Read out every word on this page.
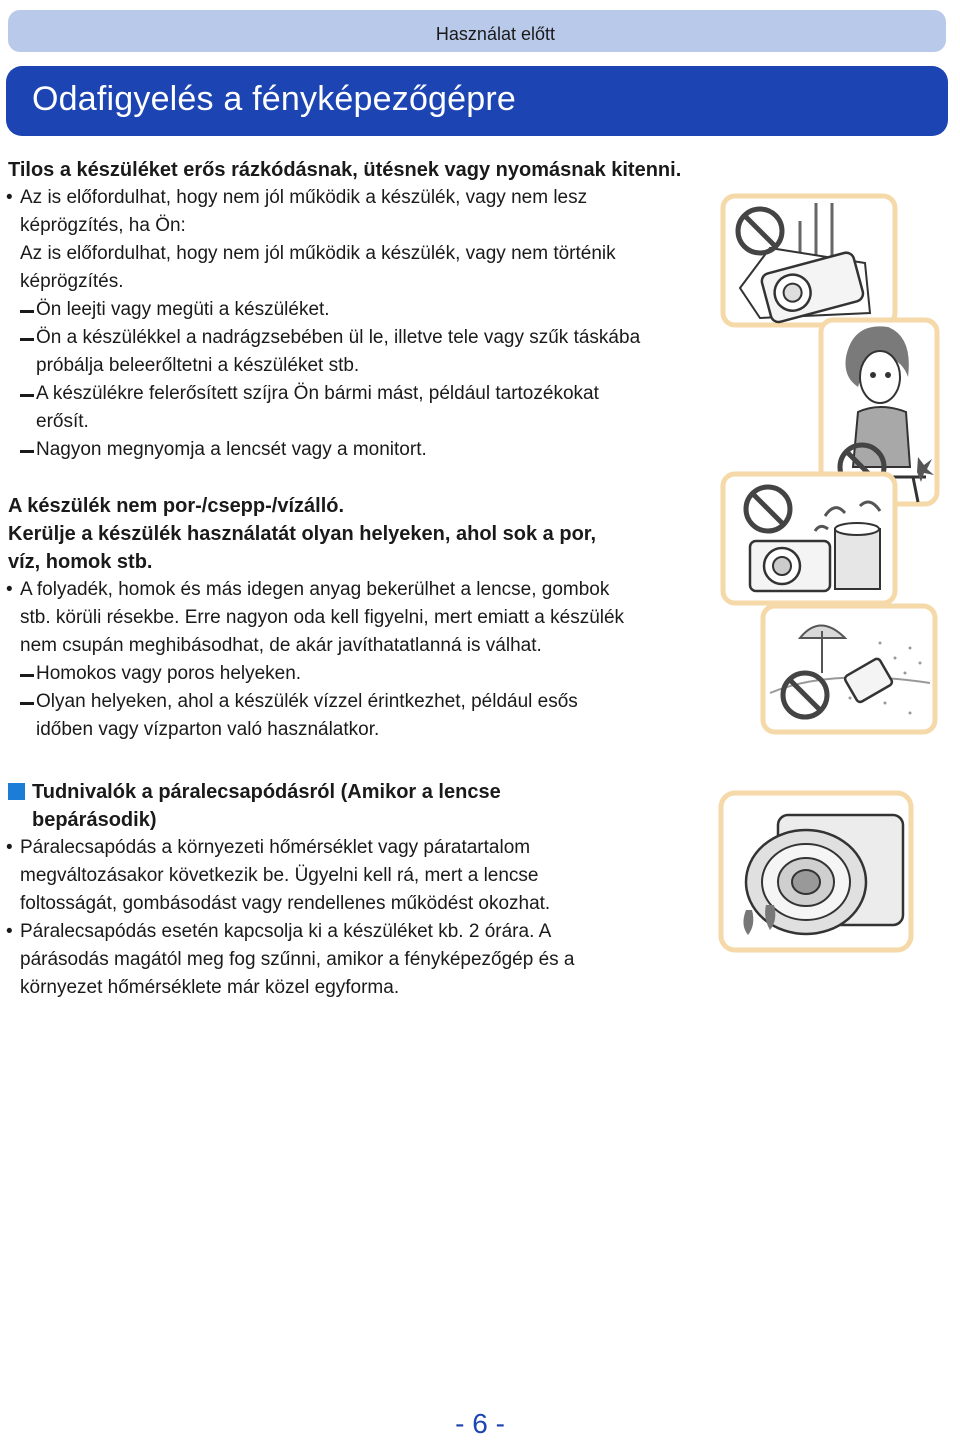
Használat előtt
Odafigyelés a fényképezőgépre
Tilos a készüléket erős rázkódásnak, ütésnek vagy nyomásnak kitenni.
• Az is előfordulhat, hogy nem jól működik a készülék, vagy nem lesz
képrögzítés, ha Ön:
Az is előfordulhat, hogy nem jól működik a készülék, vagy nem történik
képrögzítés.
Ön leejti vagy megüti a készüléket.
Ön a készülékkel a nadrágzsebében ül le, illetve tele vagy szűk táskába
próbálja beleerőltetni a készüléket stb.
A készülékre felerősített szíjra Ön bármi mást, például tartozékokat
erősít.
Nagyon megnyomja a lencsét vagy a monitort.
A készülék nem por-/csepp-/vízálló.
Kerülje a készülék használatát olyan helyeken, ahol sok a por,
víz, homok stb.
• A folyadék, homok és más idegen anyag bekerülhet a lencse, gombok
stb. körüli résekbe. Erre nagyon oda kell figyelni, mert emiatt a készülék
nem csupán meghibásodhat, de akár javíthatatlanná is válhat.
Homokos vagy poros helyeken.
Olyan helyeken, ahol a készülék vízzel érintkezhet, például esős
időben vagy vízparton való használatkor.
Tudnivalók a páralecsapódásról (Amikor a lencse
bepárásodik)
• Páralecsapódás a környezeti hőmérséklet vagy páratartalom
megváltozásakor következik be. Ügyelni kell rá, mert a lencse
foltosságát, gombásodást vagy rendellenes működést okozhat.
• Páralecsapódás esetén kapcsolja ki a készüléket kb. 2 órára. A
párásodás magától meg fog szűnni, amikor a fényképezőgép és a
környezet hőmérséklete már közel egyforma.
- 6 -
